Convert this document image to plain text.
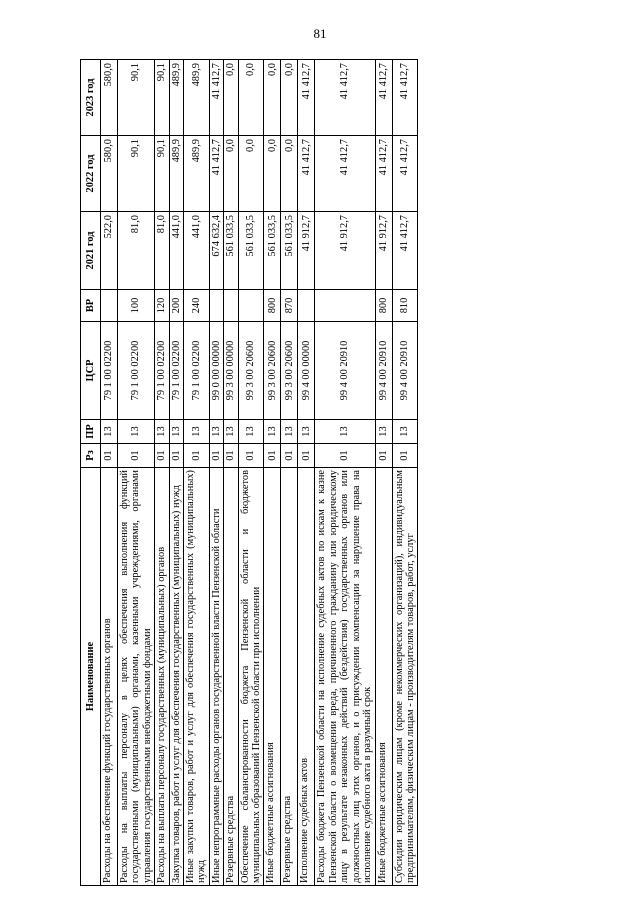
81
Наименование	Рз	ПР	ЦСР	ВР	2021 год	2022 год	2023 год
Расходы на обеспечение функций государственных органов	01	13	79 1 00 02200		522,0	580,0	580,0
Расходы на выплаты персоналу в целях обеспечения выполнения функций государственными (муниципальными) органами, казенными учреждениями, органами управления государственными внебюджетными фондами	01	13	79 1 00 02200	100	81,0	90,1	90,1
Расходы на выплаты персоналу государственных (муниципальных) органов	01	13	79 1 00 02200	120	81,0	90,1	90,1
Закупка товаров, работ и услуг для обеспечения государственных (муниципальных) нужд	01	13	79 1 00 02200	200	441,0	489,9	489,9
Иные закупки товаров, работ и услуг для обеспечения государственных (муниципальных) нужд	01	13	79 1 00 02200	240	441,0	489,9	489,9
Иные непрограммные расходы органов государственной власти Пензенской области	01	13	99 0 00 00000		674 632,4	41 412,7	41 412,7
Резервные средства	01	13	99 3 00 00000		561 033,5	0,0	0,0
Обеспечение сбалансированности бюджета Пензенской области и бюджетов муниципальных образований Пензенской области при исполнении	01	13	99 3 00 20600		561 033,5	0,0	0,0
Иные бюджетные ассигнования	01	13	99 3 00 20600	800	561 033,5	0,0	0,0
Резервные средства	01	13	99 3 00 20600	870	561 033,5	0,0	0,0
Исполнение судебных актов	01	13	99 4 00 00000		41 912,7	41 412,7	41 412,7
Расходы бюджета Пензенской области на исполнение судебных актов по искам к казне Пензенской области о возмещении вреда, причиненного гражданину или юридическому лицу в результате незаконных действий (бездействия) государственных органов или должностных лиц этих органов, и о присуждении компенсации за нарушение права на исполнение судебного акта в разумный срок	01	13	99 4 00 20910		41 912,7	41 412,7	41 412,7
Иные бюджетные ассигнования	01	13	99 4 00 20910	800	41 912,7	41 412,7	41 412,7
Субсидии юридическим лицам (кроме некоммерческих организаций), индивидуальным предпринимателям, физическим лицам - производителям товаров, работ, услуг	01	13	99 4 00 20910	810	41 412,7	41 412,7	41 412,7
